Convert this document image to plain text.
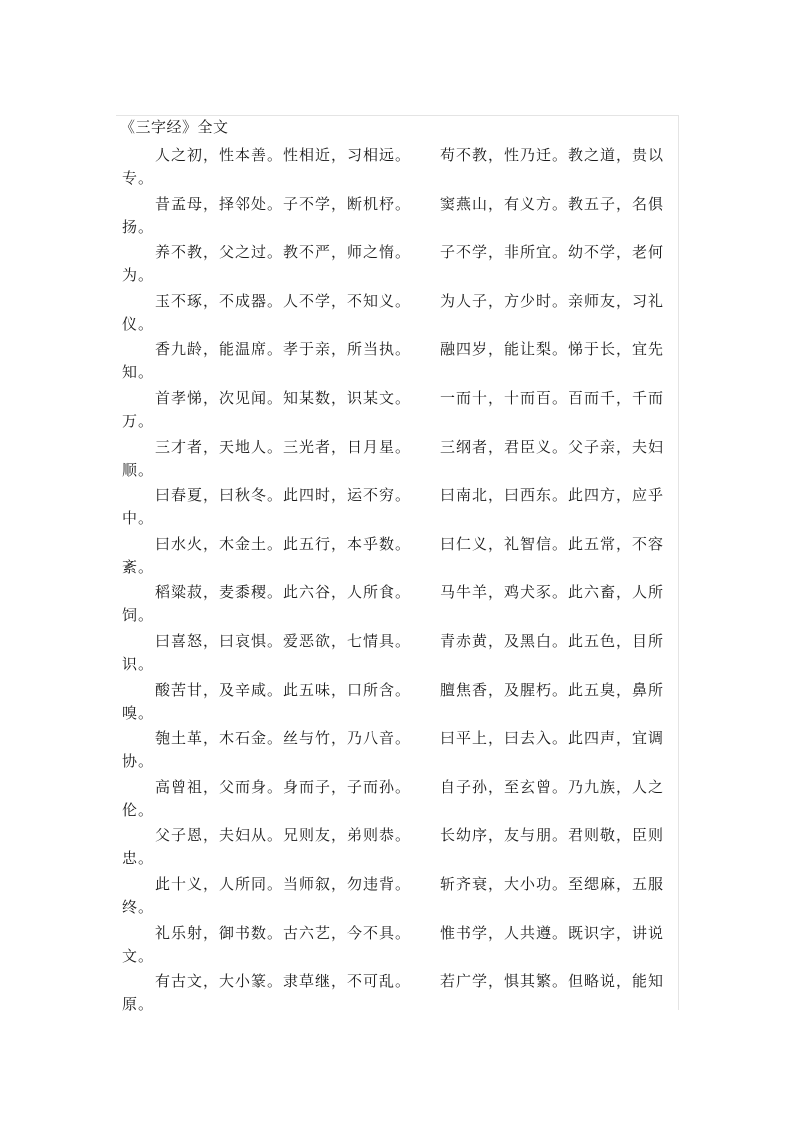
《三字经》全文
人之初，性本善。性相近，习相远。 苟不教，性乃迁。教之道，贵以
专。
昔孟母，择邻处。子不学，断机杼。 窦燕山，有义方。教五子，名俱
扬。
养不教，父之过。教不严，师之惰。 子不学，非所宜。幼不学，老何
为。
玉不琢，不成器。人不学，不知义。 为人子，方少时。亲师友，习礼
仪。
香九龄，能温席。孝于亲，所当执。 融四岁，能让梨。悌于长，宜先
知。
首孝悌，次见闻。知某数，识某文。 一而十，十而百。百而千，千而
万。
三才者，天地人。三光者，日月星。 三纲者，君臣义。父子亲，夫妇
顺。
曰春夏，曰秋冬。此四时，运不穷。 曰南北，曰西东。此四方，应乎
中。
曰水火，木金土。此五行，本乎数。 曰仁义，礼智信。此五常，不容
紊。
稻粱菽，麦黍稷。此六谷，人所食。 马牛羊，鸡犬豕。此六畜，人所
饲。
曰喜怒，曰哀惧。爱恶欲，七情具。 青赤黄，及黑白。此五色，目所
识。
酸苦甘，及辛咸。此五味，口所含。 膻焦香，及腥朽。此五臭，鼻所
嗅。
匏土革，木石金。丝与竹，乃八音。 曰平上，曰去入。此四声，宜调
协。
高曾祖，父而身。身而子，子而孙。 自子孙，至玄曾。乃九族，人之
伦。
父子恩，夫妇从。兄则友，弟则恭。 长幼序，友与朋。君则敬，臣则
忠。
此十义，人所同。当师叙，勿违背。 斩齐衰，大小功。至缌麻，五服
终。
礼乐射，御书数。古六艺，今不具。 惟书学，人共遵。既识字，讲说
文。
有古文，大小篆。隶草继，不可乱。 若广学，惧其繁。但略说，能知
原。
